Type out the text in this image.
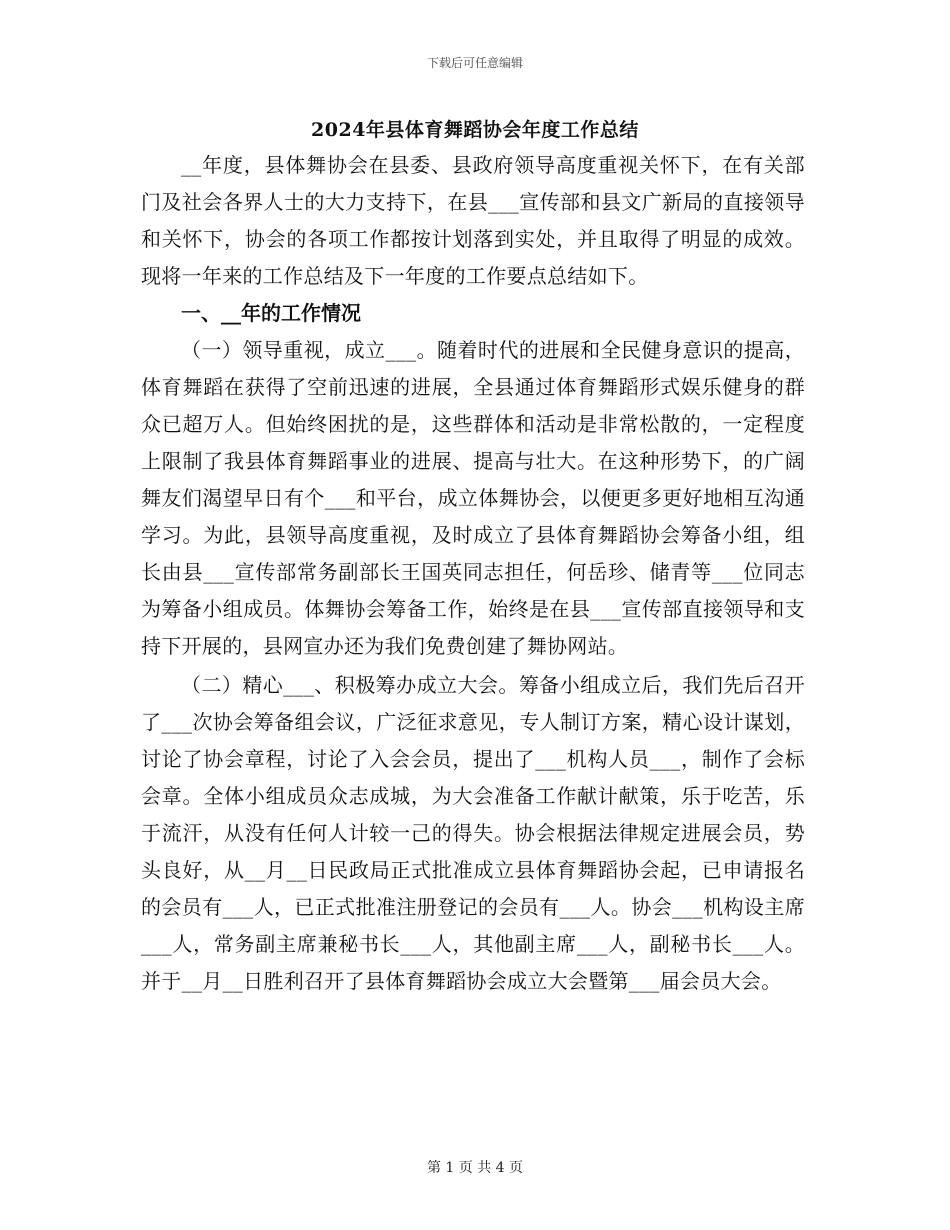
下载后可任意编辑
2024年县体育舞蹈协会年度工作总结

__年度，县体舞协会在县委、县政府领导高度重视关怀下，在有关部门及社会各界人士的大力支持下，在县___宣传部和县文广新局的直接领导和关怀下，协会的各项工作都按计划落到实处，并且取得了明显的成效。现将一年来的工作总结及下一年度的工作要点总结如下。

一、__年的工作情况

（一）领导重视，成立___。随着时代的进展和全民健身意识的提高，体育舞蹈在获得了空前迅速的进展，全县通过体育舞蹈形式娱乐健身的群众已超万人。但始终困扰的是，这些群体和活动是非常松散的，一定程度上限制了我县体育舞蹈事业的进展、提高与壮大。在这种形势下，的广阔舞友们渴望早日有个___和平台，成立体舞协会，以便更多更好地相互沟通学习。为此，县领导高度重视，及时成立了县体育舞蹈协会筹备小组，组长由县___宣传部常务副部长王国英同志担任，何岳珍、储青等___位同志为筹备小组成员。体舞协会筹备工作，始终是在县___宣传部直接领导和支持下开展的，县网宣办还为我们免费创建了舞协网站。

（二）精心___、积极筹办成立大会。筹备小组成立后，我们先后召开了___次协会筹备组会议，广泛征求意见，专人制订方案，精心设计谋划，讨论了协会章程，讨论了入会会员，提出了___机构人员___，制作了会标会章。全体小组成员众志成城，为大会准备工作献计献策，乐于吃苦，乐于流汗，从没有任何人计较一己的得失。协会根据法律规定进展会员，势头良好，从__月__日民政局正式批准成立县体育舞蹈协会起，已申请报名的会员有___人，已正式批准注册登记的会员有___人。协会___机构设主席___人，常务副主席兼秘书长___人，其他副主席___人，副秘书长___人。并于__月__日胜利召开了县体育舞蹈协会成立大会暨第___届会员大会。

第 1 页 共 4 页
